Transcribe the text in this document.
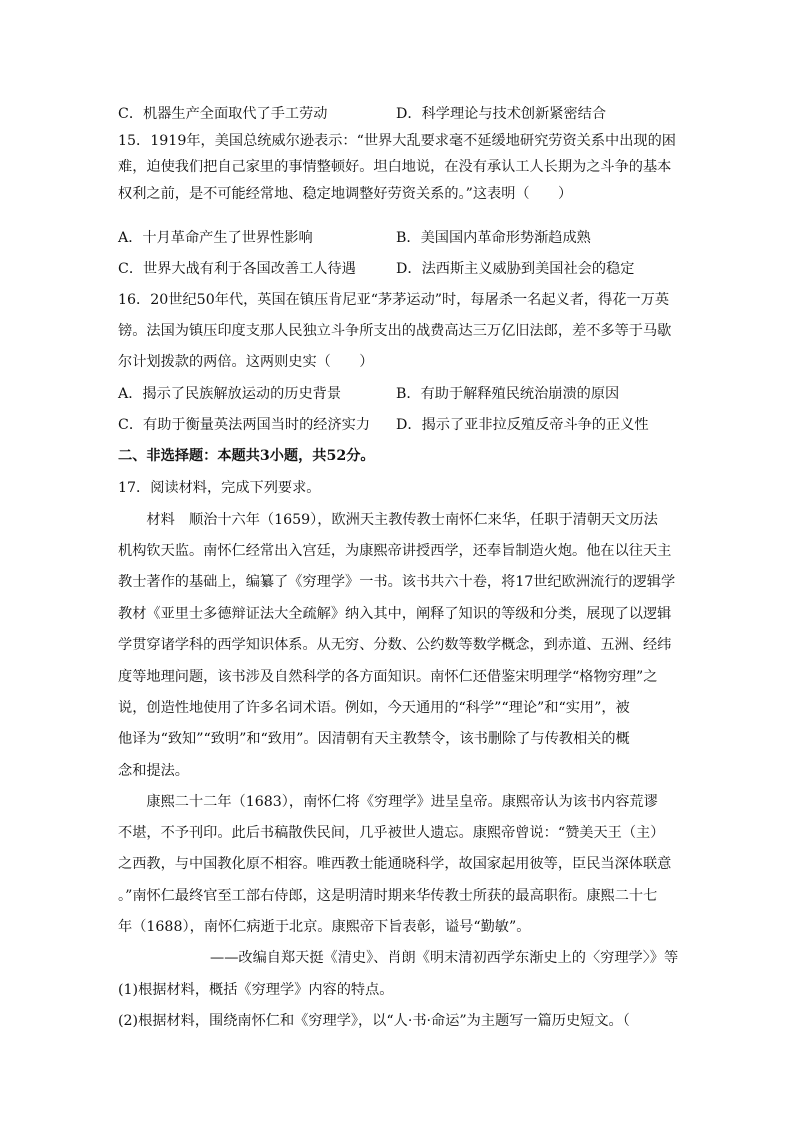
C．机器生产全面取代了手工劳动	D．科学理论与技术创新紧密结合
15．1919年，美国总统威尔逊表示：“世界大乱要求毫不延缓地研究劳资关系中出现的困
难，迫使我们把自己家里的事情整顿好。坦白地说，在没有承认工人长期为之斗争的基本
权利之前，是不可能经常地、稳定地调整好劳资关系的。”这表明（　　）
A．十月革命产生了世界性影响	B．美国国内革命形势渐趋成熟
C．世界大战有利于各国改善工人待遇	D．法西斯主义威胁到美国社会的稳定
16．20世纪50年代，英国在镇压肯尼亚“茅茅运动”时，每屠杀一名起义者，得花一万英
镑。法国为镇压印度支那人民独立斗争所支出的战费高达三万亿旧法郎，差不多等于马歇
尔计划拨款的两倍。这两则史实（　　）
A．揭示了民族解放运动的历史背景	B．有助于解释殖民统治崩溃的原因
C．有助于衡量英法两国当时的经济实力 D．揭示了亚非拉反殖反帝斗争的正义性
二、非选择题：本题共3小题，共52分。
17．阅读材料，完成下列要求。
　　材料　顺治十六年（1659），欧洲天主教传教士南怀仁来华，任职于清朝天文历法
机构钦天监。南怀仁经常出入宫廷，为康熙帝讲授西学，还奉旨制造火炮。他在以往天主
教士著作的基础上，编纂了《穷理学》一书。该书共六十卷，将17世纪欧洲流行的逻辑学
教材《亚里士多德辩证法大全疏解》纳入其中，阐释了知识的等级和分类，展现了以逻辑
学贯穿诸学科的西学知识体系。从无穷、分数、公约数等数学概念，到赤道、五洲、经纬
度等地理问题，该书涉及自然科学的各方面知识。南怀仁还借鉴宋明理学“格物穷理”之
说，创造性地使用了许多名词术语。例如，今天通用的“科学”“理论”和“实用”，被
他译为“致知”“致明”和“致用”。因清朝有天主教禁令，该书删除了与传教相关的概
念和提法。
　　康熙二十二年（1683），南怀仁将《穷理学》进呈皇帝。康熙帝认为该书内容荒谬
不堪，不予刊印。此后书稿散佚民间，几乎被世人遗忘。康熙帝曾说：“赞美天王（主）
之西教，与中国教化原不相容。唯西教士能通晓科学，故国家起用彼等，臣民当深体联意
。”南怀仁最终官至工部右侍郎，这是明清时期来华传教士所获的最高职衔。康熙二十七
年（1688），南怀仁病逝于北京。康熙帝下旨表彰，谥号“勤敏”。
——改编自郑天挺《清史》、肖朗《明末清初西学东渐史上的〈穷理学〉》等
(1)根据材料，概括《穷理学》内容的特点。
(2)根据材料，围绕南怀仁和《穷理学》，以“人·书·命运”为主题写一篇历史短文。（
